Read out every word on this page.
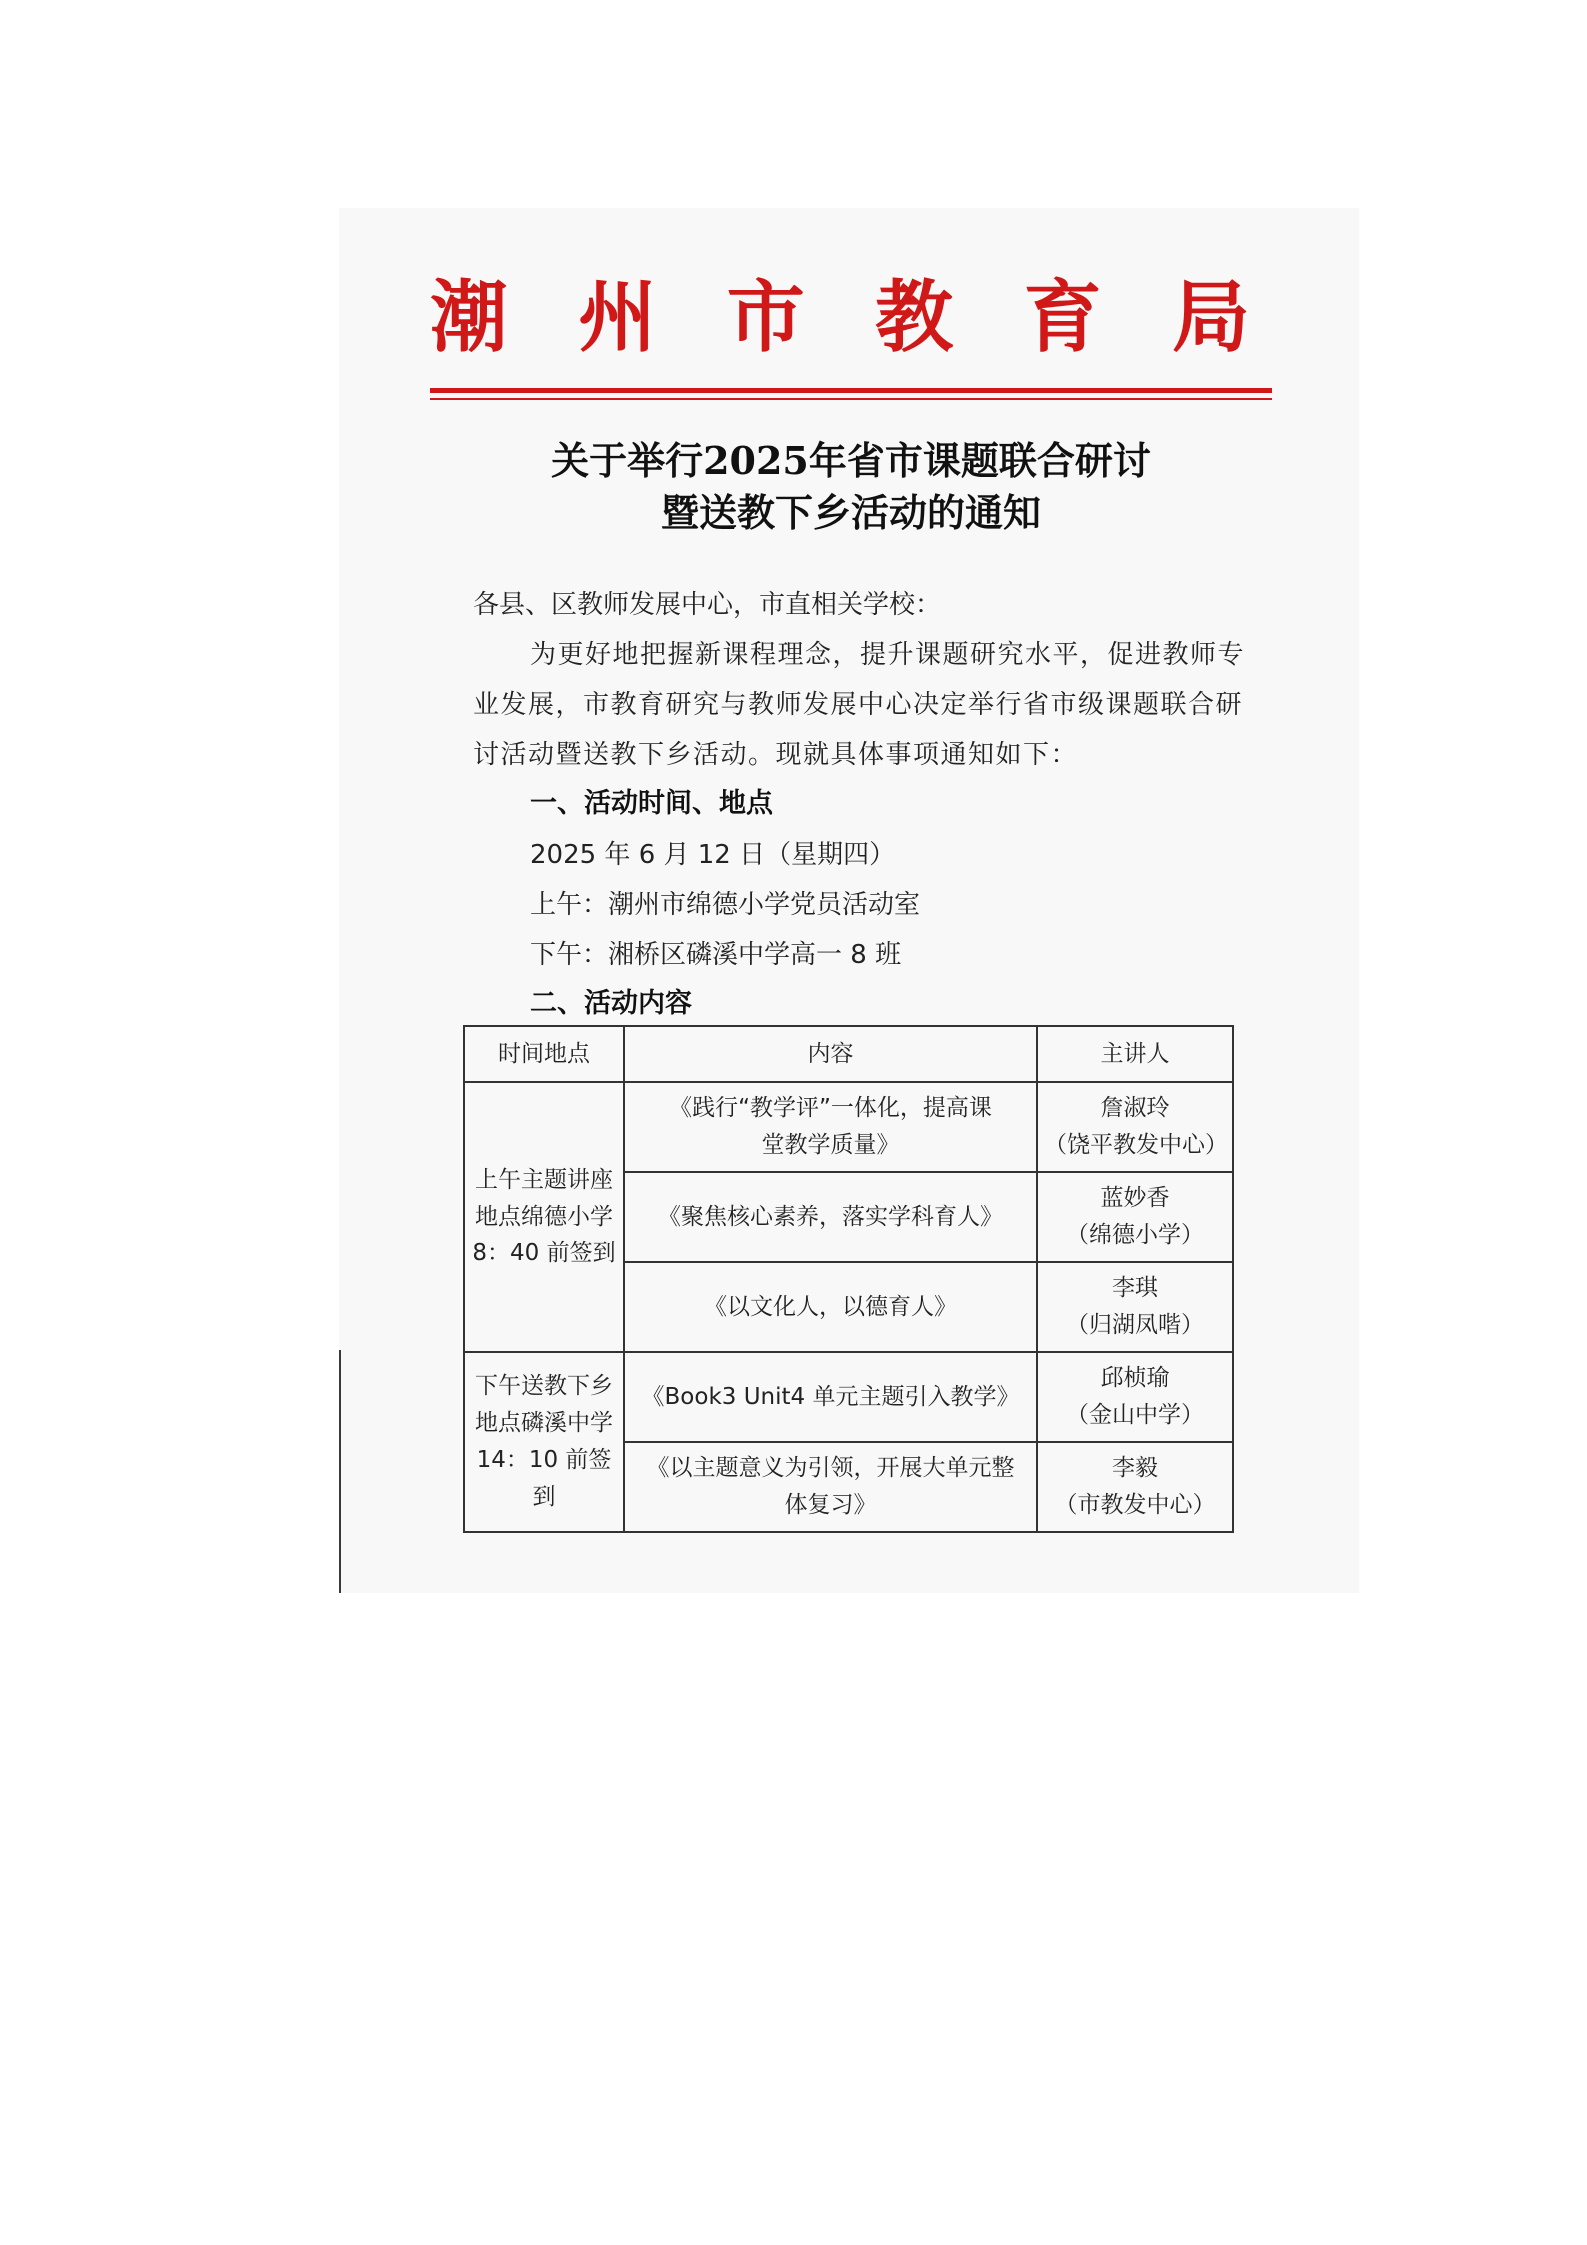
潮 州 市 教 育 局
关于举行2025年省市课题联合研讨
暨送教下乡活动的通知
各县、区教师发展中心，市直相关学校：
为更好地把握新课程理念，提升课题研究水平，促进教师专
业发展，市教育研究与教师发展中心决定举行省市级课题联合研
讨活动暨送教下乡活动。现就具体事项通知如下：
一、活动时间、地点
2025 年 6 月 12 日（星期四）
上午：潮州市绵德小学党员活动室
下午：湘桥区磷溪中学高一 8 班
二、活动内容
时间地点	内容	主讲人

上午主题讲座
地点绵德小学
8：40 前签到	《践行“教学评”一体化，提高课
堂教学质量》	詹淑玲
（饶平教发中心）

	《聚焦核心素养，落实学科育人》	蓝妙香
（绵德小学）

	《以文化人，以德育人》	李琪
（归湖凤喈）

下午送教下乡
地点磷溪中学
14：10 前签到	《Book3 Unit4 单元主题引入教学》	邱桢瑜
（金山中学）

	《以主题意义为引领，开展大单元整
体复习》	李毅
（市教发中心）
